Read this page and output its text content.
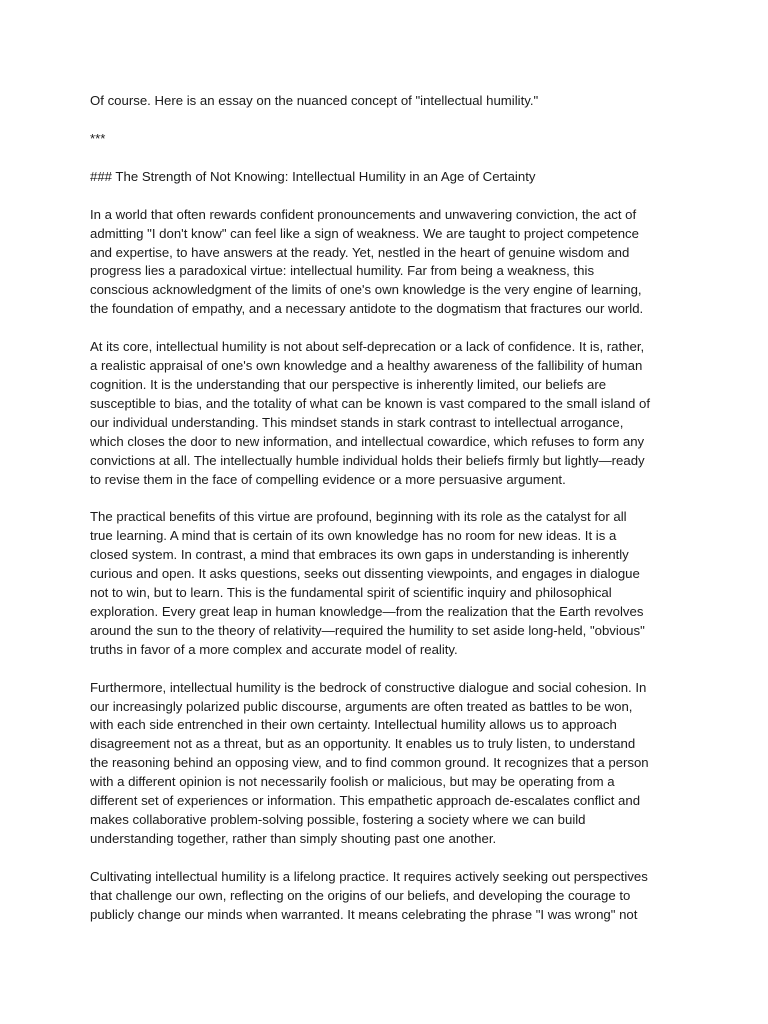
Of course. Here is an essay on the nuanced concept of "intellectual humility."

***

### The Strength of Not Knowing: Intellectual Humility in an Age of Certainty

In a world that often rewards confident pronouncements and unwavering conviction, the act of
admitting "I don't know" can feel like a sign of weakness. We are taught to project competence
and expertise, to have answers at the ready. Yet, nestled in the heart of genuine wisdom and
progress lies a paradoxical virtue: intellectual humility. Far from being a weakness, this
conscious acknowledgment of the limits of one's own knowledge is the very engine of learning,
the foundation of empathy, and a necessary antidote to the dogmatism that fractures our world.

At its core, intellectual humility is not about self-deprecation or a lack of confidence. It is, rather,
a realistic appraisal of one's own knowledge and a healthy awareness of the fallibility of human
cognition. It is the understanding that our perspective is inherently limited, our beliefs are
susceptible to bias, and the totality of what can be known is vast compared to the small island of
our individual understanding. This mindset stands in stark contrast to intellectual arrogance,
which closes the door to new information, and intellectual cowardice, which refuses to form any
convictions at all. The intellectually humble individual holds their beliefs firmly but lightly—ready
to revise them in the face of compelling evidence or a more persuasive argument.

The practical benefits of this virtue are profound, beginning with its role as the catalyst for all
true learning. A mind that is certain of its own knowledge has no room for new ideas. It is a
closed system. In contrast, a mind that embraces its own gaps in understanding is inherently
curious and open. It asks questions, seeks out dissenting viewpoints, and engages in dialogue
not to win, but to learn. This is the fundamental spirit of scientific inquiry and philosophical
exploration. Every great leap in human knowledge—from the realization that the Earth revolves
around the sun to the theory of relativity—required the humility to set aside long-held, "obvious"
truths in favor of a more complex and accurate model of reality.

Furthermore, intellectual humility is the bedrock of constructive dialogue and social cohesion. In
our increasingly polarized public discourse, arguments are often treated as battles to be won,
with each side entrenched in their own certainty. Intellectual humility allows us to approach
disagreement not as a threat, but as an opportunity. It enables us to truly listen, to understand
the reasoning behind an opposing view, and to find common ground. It recognizes that a person
with a different opinion is not necessarily foolish or malicious, but may be operating from a
different set of experiences or information. This empathetic approach de-escalates conflict and
makes collaborative problem-solving possible, fostering a society where we can build
understanding together, rather than simply shouting past one another.

Cultivating intellectual humility is a lifelong practice. It requires actively seeking out perspectives
that challenge our own, reflecting on the origins of our beliefs, and developing the courage to
publicly change our minds when warranted. It means celebrating the phrase "I was wrong" not
